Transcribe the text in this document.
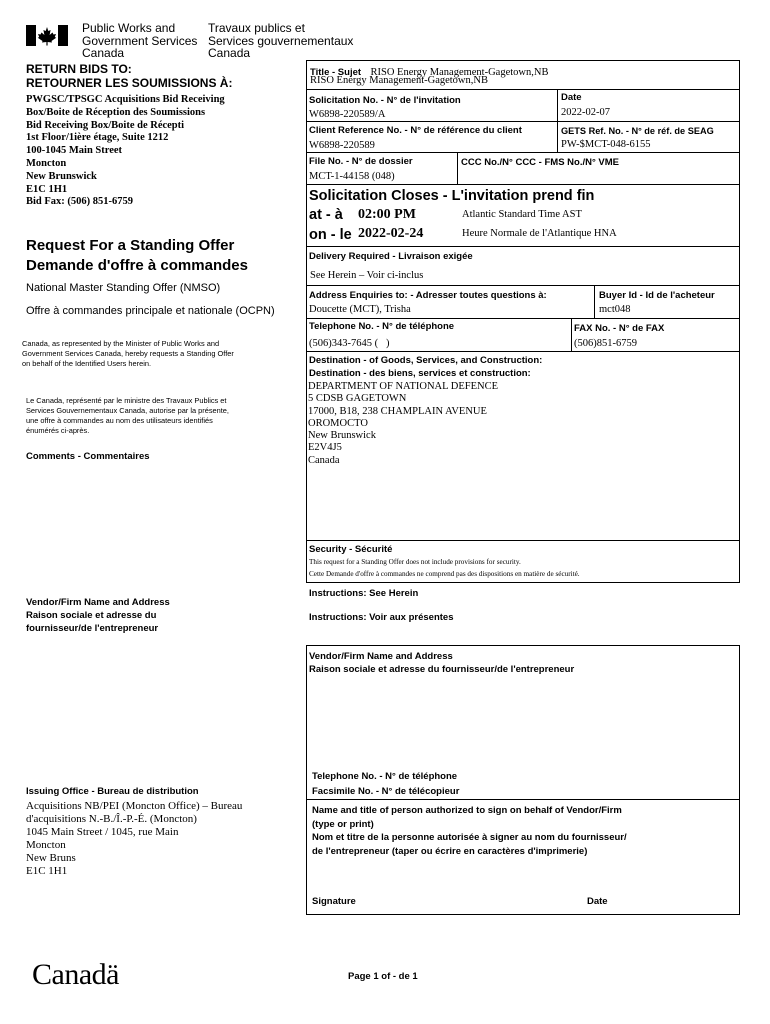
Public Works and
Government Services
Canada
Travaux publics et
Services gouvernementaux
Canada
RETURN BIDS TO:
RETOURNER LES SOUMISSIONS À:
PWGSC/TPSGC Acquisitions Bid Receiving
Box/Boite de Réception des Soumissions
Bid Receiving Box/Boite de Récepti
1st Floor/1ière étage, Suite 1212
100-1045 Main Street
Moncton
New Brunswick
E1C 1H1
Bid Fax: (506) 851-6759
Request For a Standing Offer
Demande d'offre à commandes
National Master Standing Offer (NMSO)
Offre à commandes principale et nationale (OCPN)
Canada, as represented by the Minister of Public Works and
Government Services Canada, hereby requests a Standing Offer
on behalf of the Identified Users herein.
Le Canada, représenté par le ministre des Travaux Publics et
Services Gouvernementaux Canada, autorise par la présente,
une offre à commandes au nom des utilisateurs identifiés
énumérés ci-après.
Comments - Commentaires
Vendor/Firm Name and Address
Raison sociale et adresse du
fournisseur/de l'entrepreneur
Issuing Office - Bureau de distribution
Acquisitions NB/PEI (Moncton Office) – Bureau
d'acquisitions N.-B./Î.-P.-É. (Moncton)
1045 Main Street / 1045, rue Main
Moncton
New Bruns
E1C 1H1
Title - Sujet RISO Energy Management-Gagetown,NB
RISO Energy Management-Gagetown,NB
Solicitation No. - N° de l'invitation
W6898-220589/A
Date
2022-02-07
Client Reference No. - N° de référence du client
W6898-220589
GETS Ref. No. - N° de réf. de SEAG
PW-$MCT-048-6155
File No. - N° de dossier
MCT-1-44158 (048)
CCC No./N° CCC - FMS No./N° VME
Solicitation Closes - L'invitation prend fin
at - à 02:00 PM	Atlantic Standard Time AST
on - le 2022-02-24	Heure Normale de l'Atlantique HNA
Delivery Required - Livraison exigée
See Herein – Voir ci-inclus
Address Enquiries to: - Adresser toutes questions à:
Doucette (MCT), Trisha
Buyer Id - Id de l'acheteur
mct048
Telephone No. - N° de téléphone
(506)343-7645 (   )
FAX No. - N° de FAX
(506)851-6759
Destination - of Goods, Services, and Construction:
Destination - des biens, services et construction:
DEPARTMENT OF NATIONAL DEFENCE
5 CDSB GAGETOWN
17000, B18, 238 CHAMPLAIN AVENUE
OROMOCTO
New Brunswick
E2V4J5
Canada
Security - Sécurité
This request for a Standing Offer does not include provisions for security.
Cette Demande d'offre à commandes ne comprend pas des dispositions en matière de sécurité.
Instructions: See Herein
Instructions: Voir aux présentes
Vendor/Firm Name and Address
Raison sociale et adresse du fournisseur/de l'entrepreneur
Telephone No. - N° de téléphone
Facsimile No. - N° de télécopieur
Name and title of person authorized to sign on behalf of Vendor/Firm
(type or print)
Nom et titre de la personne autorisée à signer au nom du fournisseur/
de l'entrepreneur (taper ou écrire en caractères d'imprimerie)
Signature	Date
Canadä	Page 1 of - de 1
